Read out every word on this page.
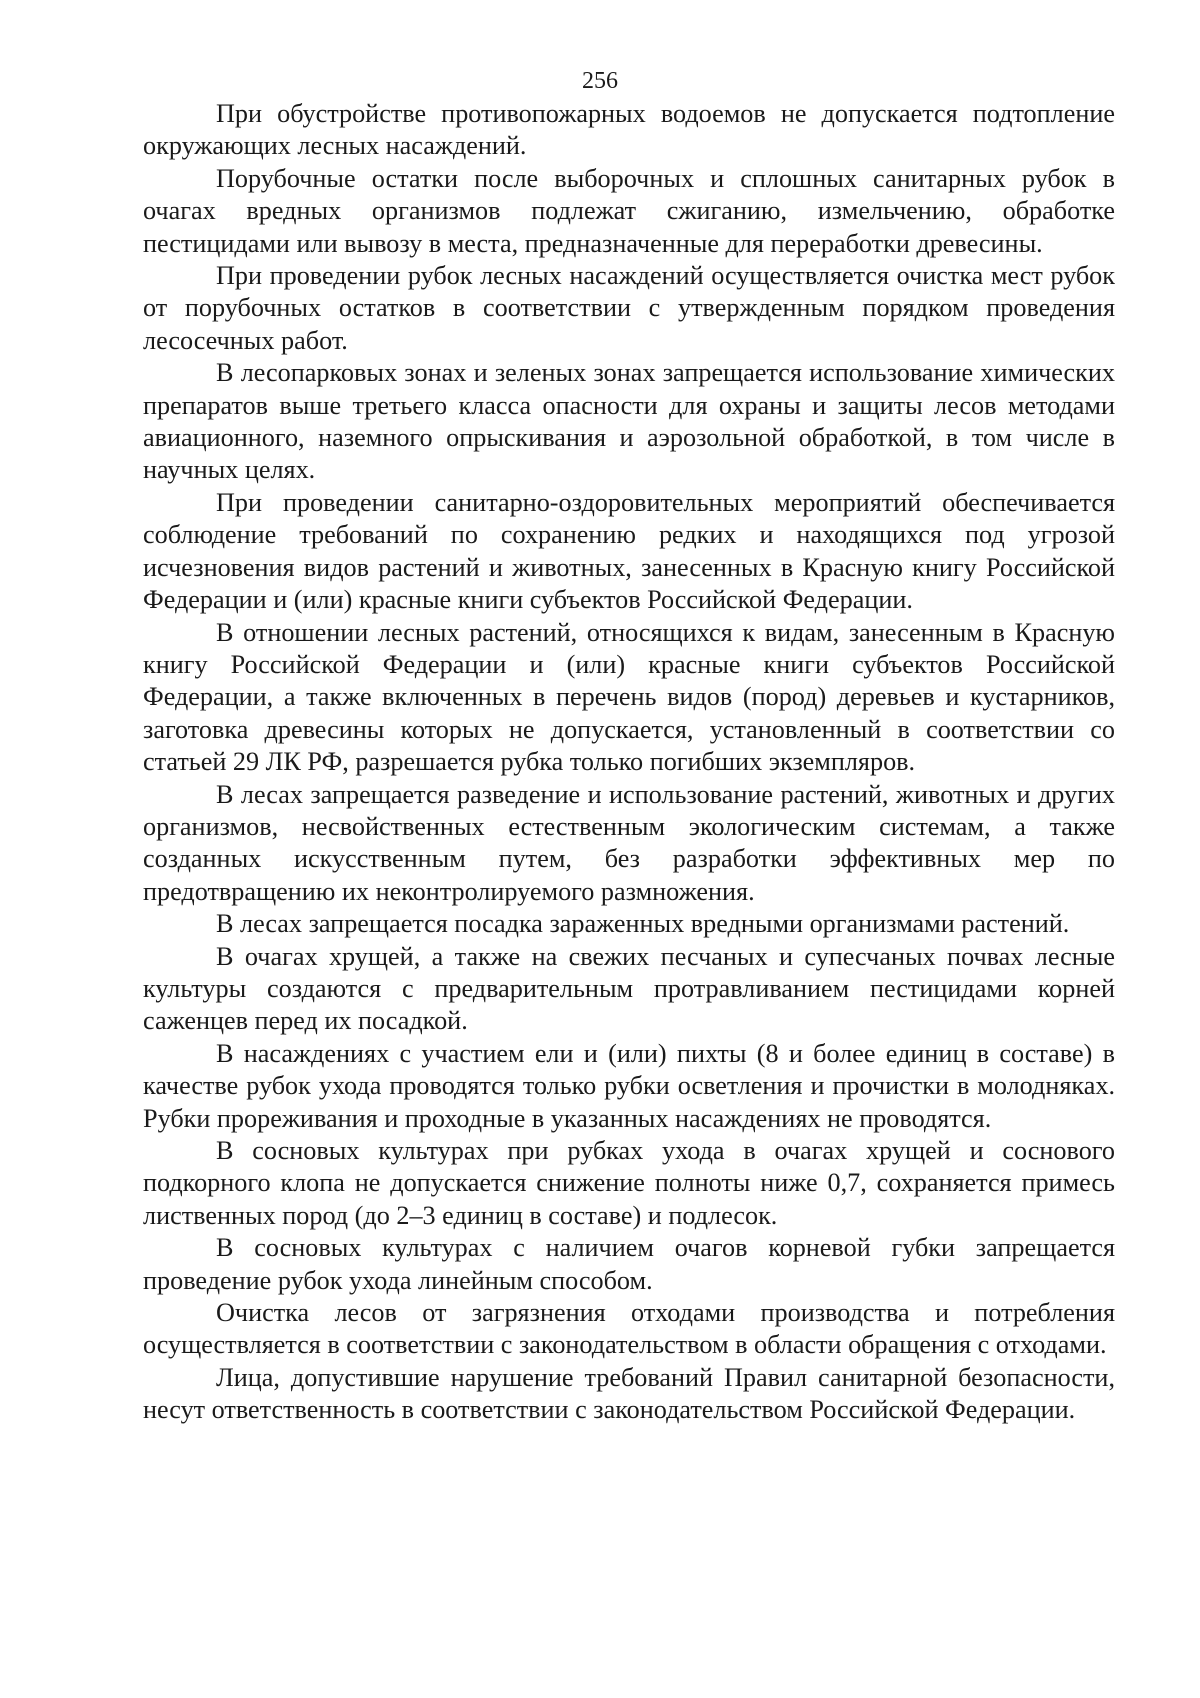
256

При обустройстве противопожарных водоемов не допускается подтопление окружающих лесных насаждений.

Порубочные остатки после выборочных и сплошных санитарных рубок в очагах вредных организмов подлежат сжиганию, измельчению, обработке пестицидами или вывозу в места, предназначенные для переработки древесины.

При проведении рубок лесных насаждений осуществляется очистка мест рубок от порубочных остатков в соответствии с утвержденным порядком проведения лесосечных работ.

В лесопарковых зонах и зеленых зонах запрещается использование химических препаратов выше третьего класса опасности для охраны и защиты лесов методами авиационного, наземного опрыскивания и аэрозольной обработкой, в том числе в научных целях.

При проведении санитарно-оздоровительных мероприятий обеспечивается соблюдение требований по сохранению редких и находящихся под угрозой исчезновения видов растений и животных, занесенных в Красную книгу Российской Федерации и (или) красные книги субъектов Российской Федерации.

В отношении лесных растений, относящихся к видам, занесенным в Красную книгу Российской Федерации и (или) красные книги субъектов Российской Федерации, а также включенных в перечень видов (пород) деревьев и кустарников, заготовка древесины которых не допускается, установленный в соответствии со статьей 29 ЛК РФ, разрешается рубка только погибших экземпляров.

В лесах запрещается разведение и использование растений, животных и других организмов, несвойственных естественным экологическим системам, а также созданных искусственным путем, без разработки эффективных мер по предотвращению их неконтролируемого размножения.

В лесах запрещается посадка зараженных вредными организмами растений.

В очагах хрущей, а также на свежих песчаных и супесчаных почвах лесные культуры создаются с предварительным протравливанием пестицидами корней саженцев перед их посадкой.

В насаждениях с участием ели и (или) пихты (8 и более единиц в составе) в качестве рубок ухода проводятся только рубки осветления и прочистки в молодняках. Рубки прореживания и проходные в указанных насаждениях не проводятся.

В сосновых культурах при рубках ухода в очагах хрущей и соснового подкорного клопа не допускается снижение полноты ниже 0,7, сохраняется примесь лиственных пород (до 2–3 единиц в составе) и подлесок.

В сосновых культурах с наличием очагов корневой губки запрещается проведение рубок ухода линейным способом.

Очистка лесов от загрязнения отходами производства и потребления осуществляется в соответствии с законодательством в области обращения с отходами.

Лица, допустившие нарушение требований Правил санитарной безопасности, несут ответственность в соответствии с законодательством Российской Федерации.
